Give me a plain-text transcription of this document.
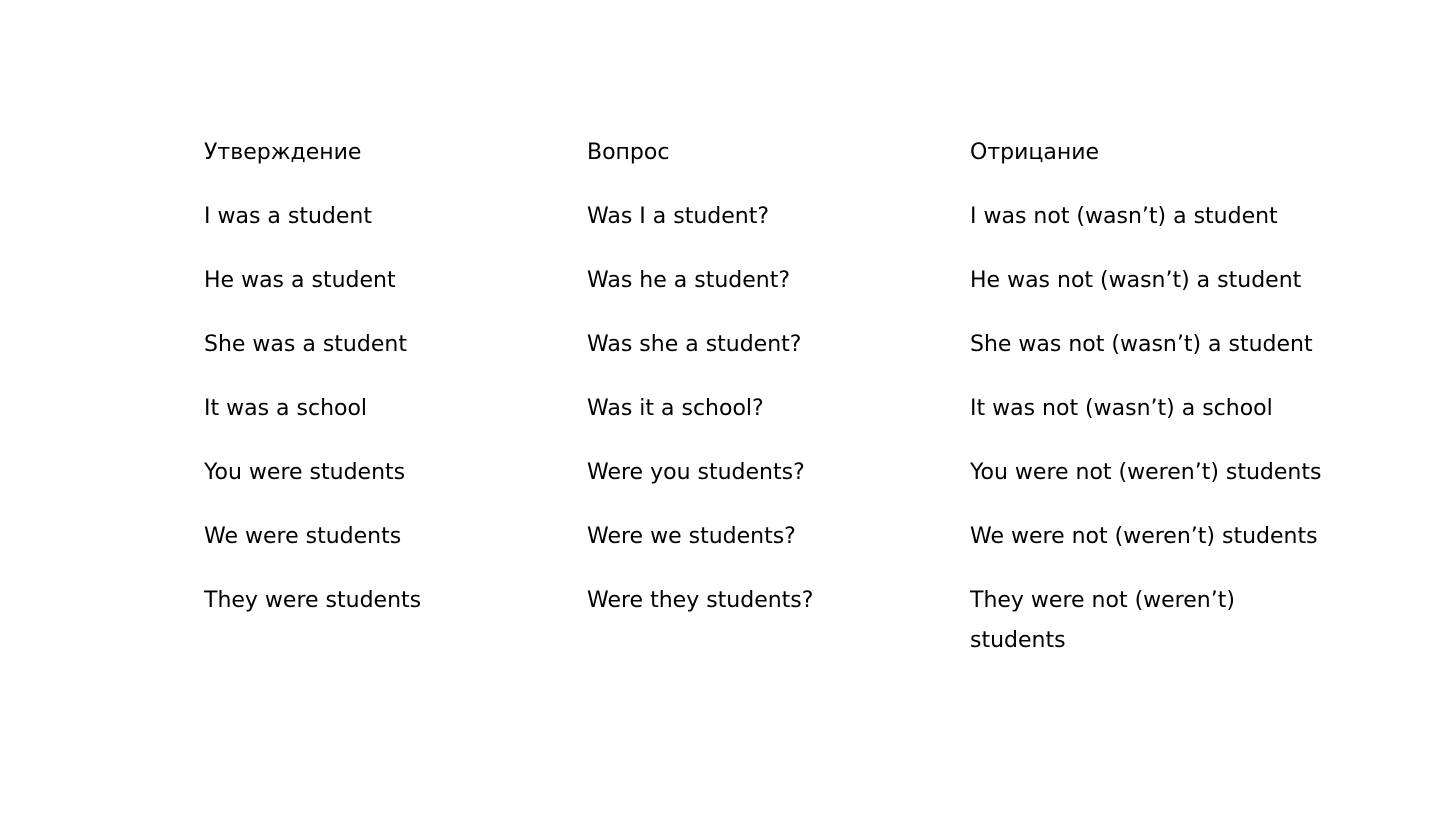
Утверждение	Вопрос	Отрицание
I was a student	Was I a student?	I was not (wasn’t) a student
He was a student	Was he a student?	He was not (wasn’t) a student
She was a student	Was she a student?	She was not (wasn’t) a student
It was a school	Was it a school?	It was not (wasn’t) a school
You were students	Were you students?	You were not (weren’t) students
We were students	Were we students?	We were not (weren’t) students
They were students	Were they students?	They were not (weren’t) students
